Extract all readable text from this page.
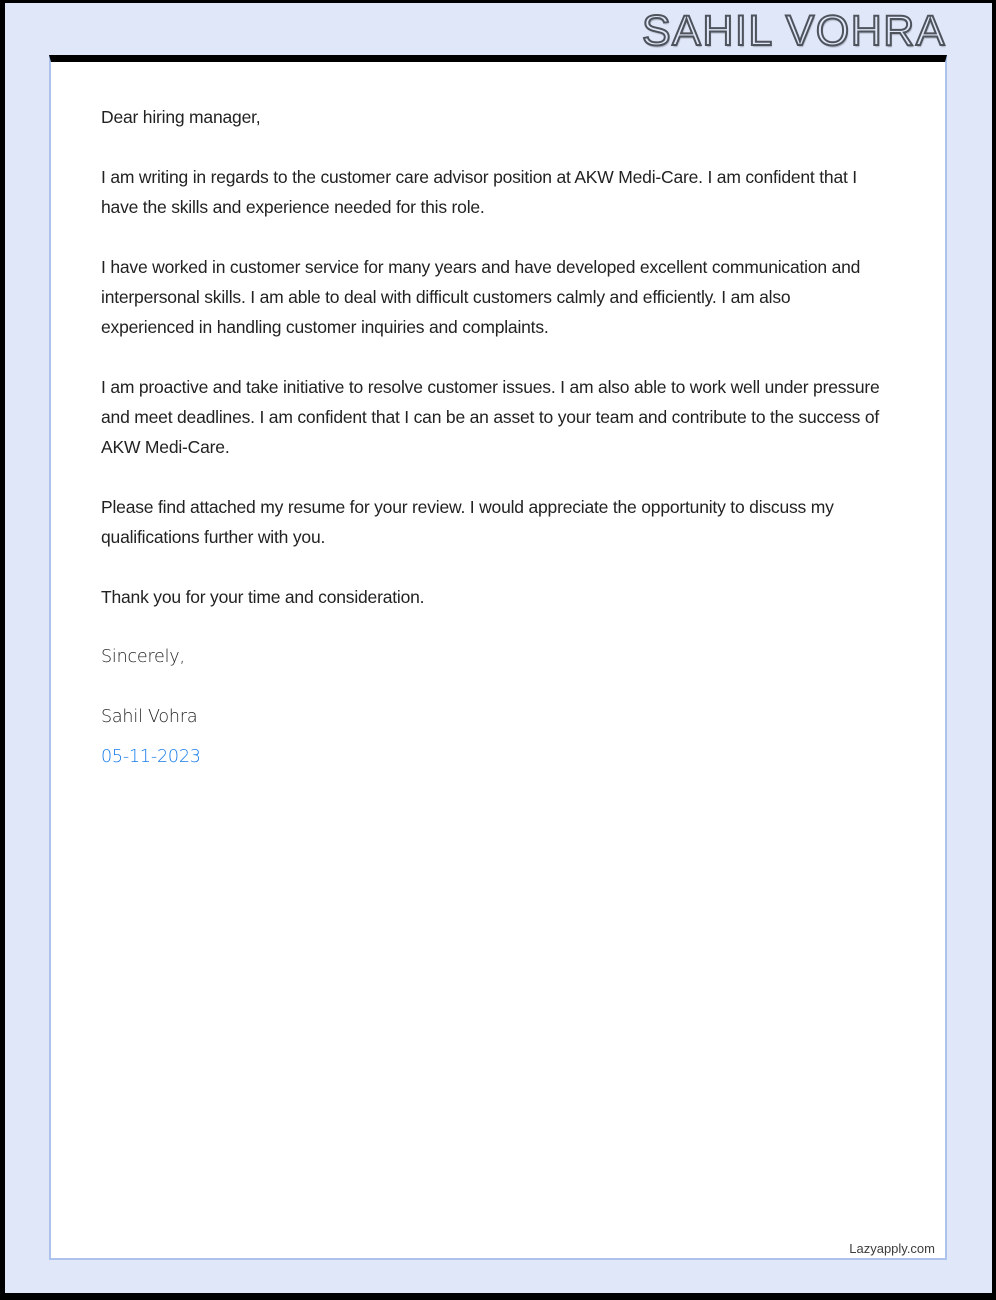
SAHIL VOHRA

Dear hiring manager,

I am writing in regards to the customer care advisor position at AKW Medi-Care. I am confident that I have the skills and experience needed for this role.

I have worked in customer service for many years and have developed excellent communication and interpersonal skills. I am able to deal with difficult customers calmly and efficiently. I am also experienced in handling customer inquiries and complaints.

I am proactive and take initiative to resolve customer issues. I am also able to work well under pressure and meet deadlines. I am confident that I can be an asset to your team and contribute to the success of AKW Medi-Care.

Please find attached my resume for your review. I would appreciate the opportunity to discuss my qualifications further with you.

Thank you for your time and consideration.

Sincerely,

Sahil Vohra

05-11-2023

Lazyapply.com
